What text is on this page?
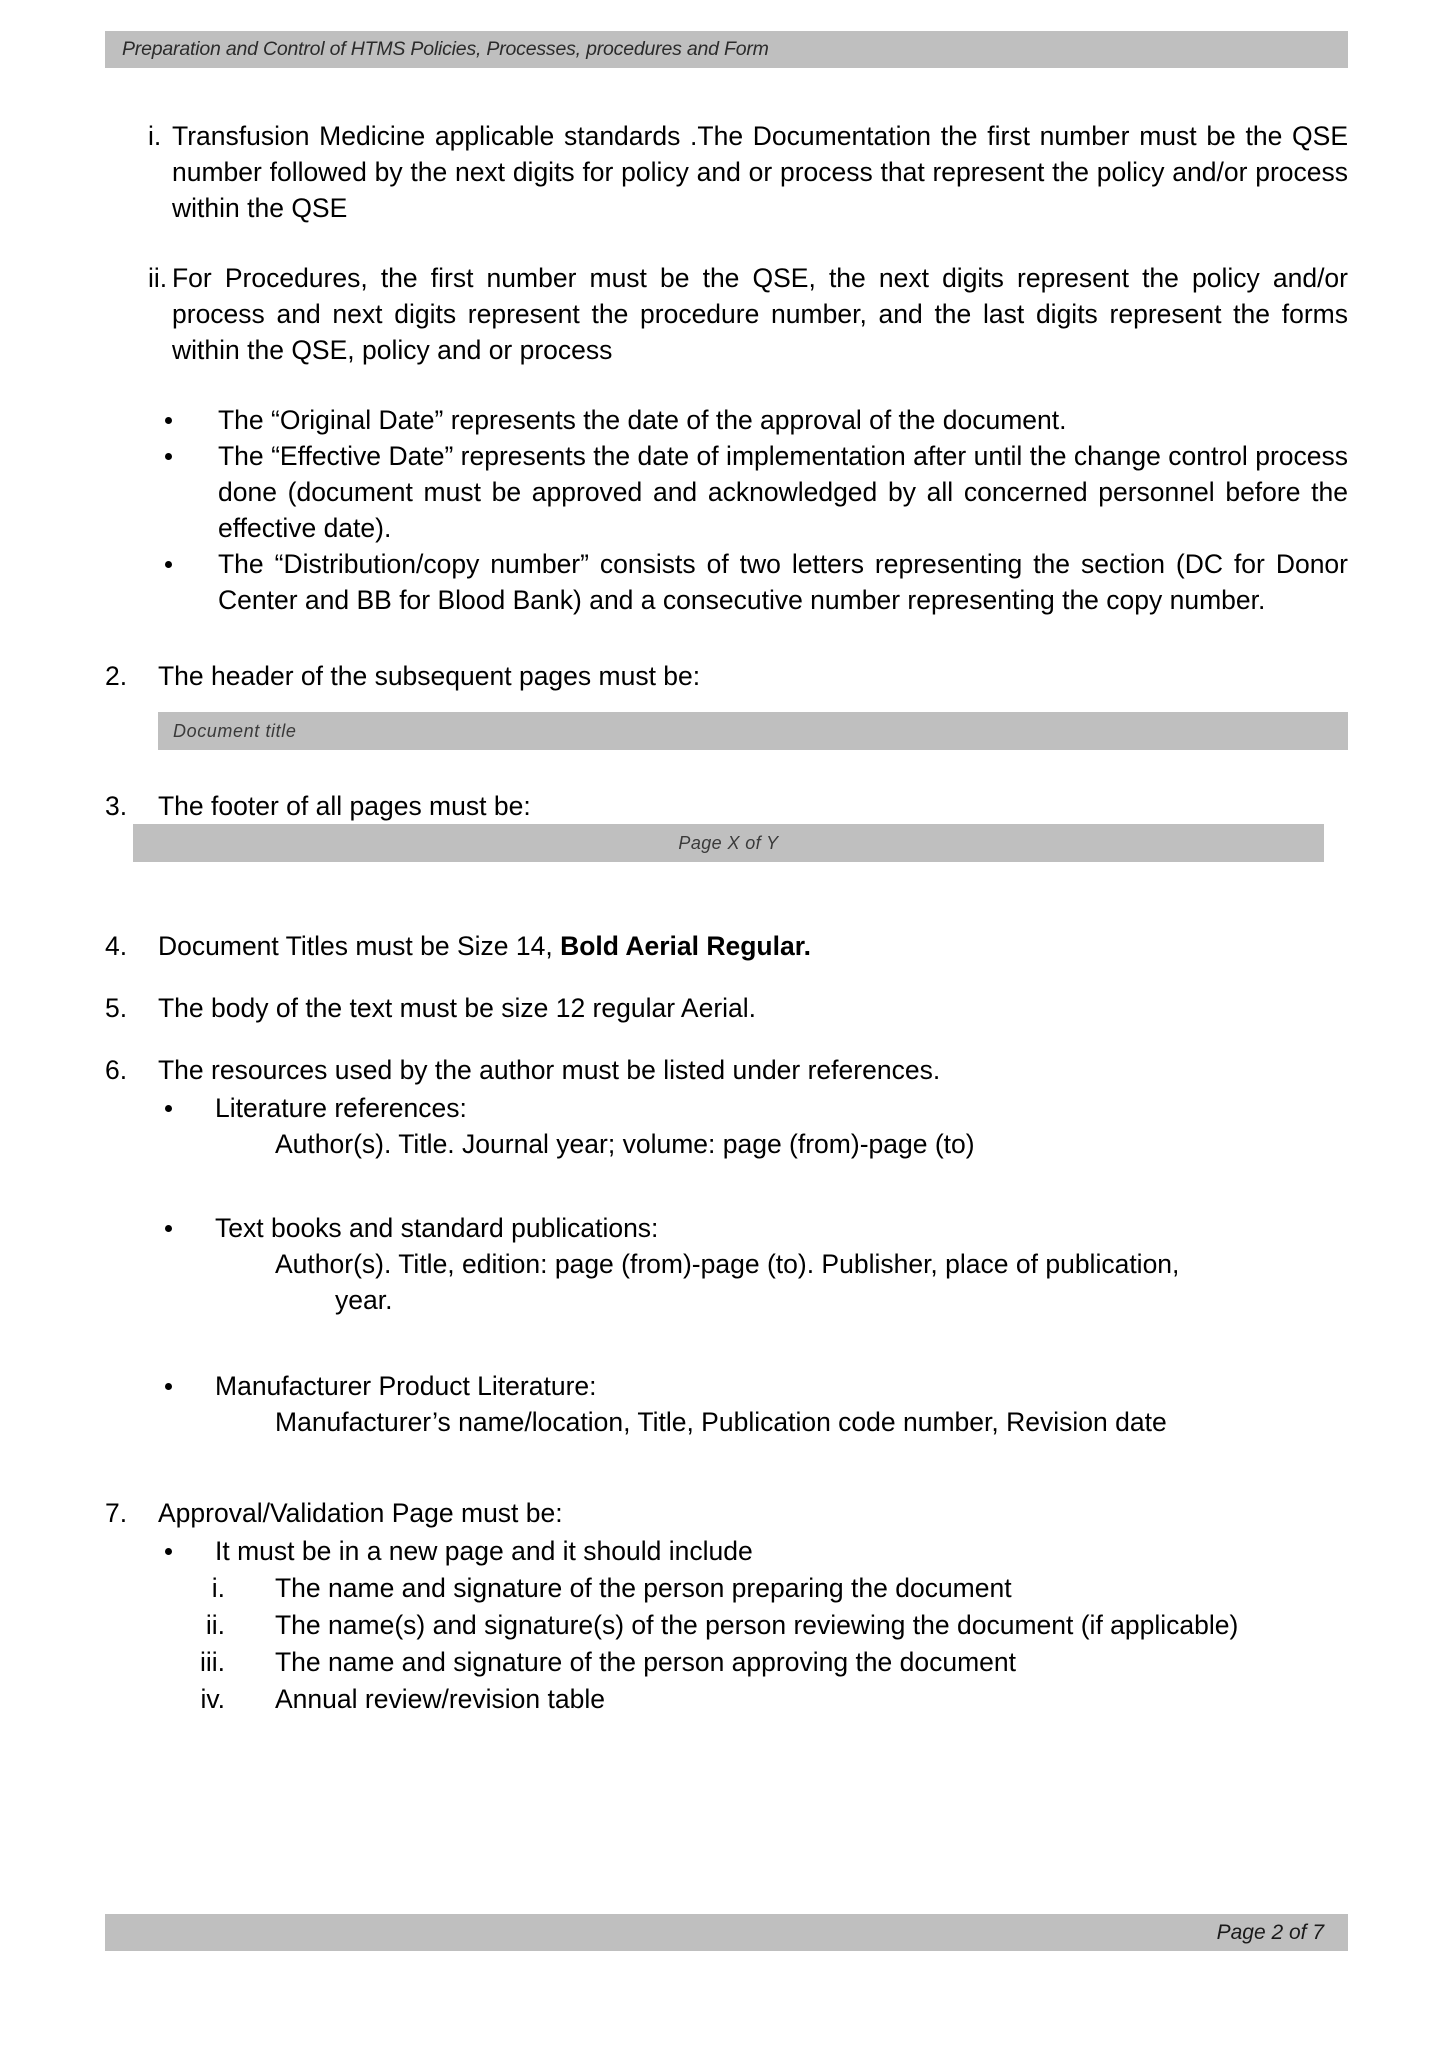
Preparation and Control of HTMS Policies, Processes, procedures and Form
i. Transfusion Medicine applicable standards .The Documentation the first number must be the QSE number followed by the next digits for policy and or process that represent the policy and/or process within the QSE
ii. For Procedures, the first number must be the QSE, the next digits represent the policy and/or process and next digits represent the procedure number, and the last digits represent the forms within the QSE, policy and or process
The “Original Date” represents the date of the approval of the document.
The “Effective Date” represents the date of implementation after until the change control process done (document must be approved and acknowledged by all concerned personnel before the effective date).
The “Distribution/copy number” consists of two letters representing the section (DC for Donor Center and BB for Blood Bank) and a consecutive number representing the copy number.
2.	The header of the subsequent pages must be:
3.	The footer of all pages must be:
4.	Document Titles must be Size 14, Bold Aerial Regular.
5.	The body of the text must be size 12 regular Aerial.
6.	The resources used by the author must be listed under references.
Literature references:
Author(s). Title. Journal year; volume: page (from)-page (to)
Text books and standard publications:
Author(s). Title, edition: page (from)-page (to). Publisher, place of publication,
year.
Manufacturer Product Literature:
Manufacturer’s name/location, Title, Publication code number, Revision date
7.	Approval/Validation Page must be:
It must be in a new page and it should include
i. The name and signature of the person preparing the document
ii. The name(s) and signature(s) of the person reviewing the document (if applicable)
iii. The name and signature of the person approving the document
iv. Annual review/revision table
Document title
Page X of Y
Page 2 of 7
